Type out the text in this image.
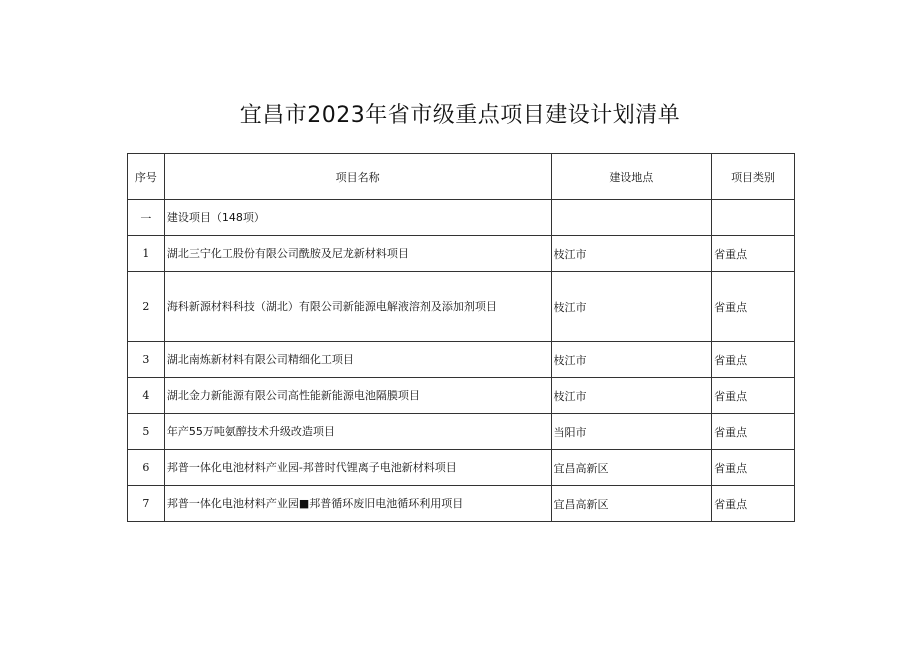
宜昌市2023年省市级重点项目建设计划清单
序号	项目名称	建设地点	项目类别
一	建设项目（148项）		
1	湖北三宁化工股份有限公司酰胺及尼龙新材料项目	枝江市	省重点
2	海科新源材料科技（湖北）有限公司新能源电解液溶剂及添加剂项目	枝江市	省重点
3	湖北南炼新材料有限公司精细化工项目	枝江市	省重点
4	湖北金力新能源有限公司高性能新能源电池隔膜项目	枝江市	省重点
5	年产55万吨氨醇技术升级改造项目	当阳市	省重点
6	邦普一体化电池材料产业园-邦普时代锂离子电池新材料项目	宜昌高新区	省重点
7	邦普一体化电池材料产业园■邦普循环废旧电池循环利用项目	宜昌高新区	省重点
